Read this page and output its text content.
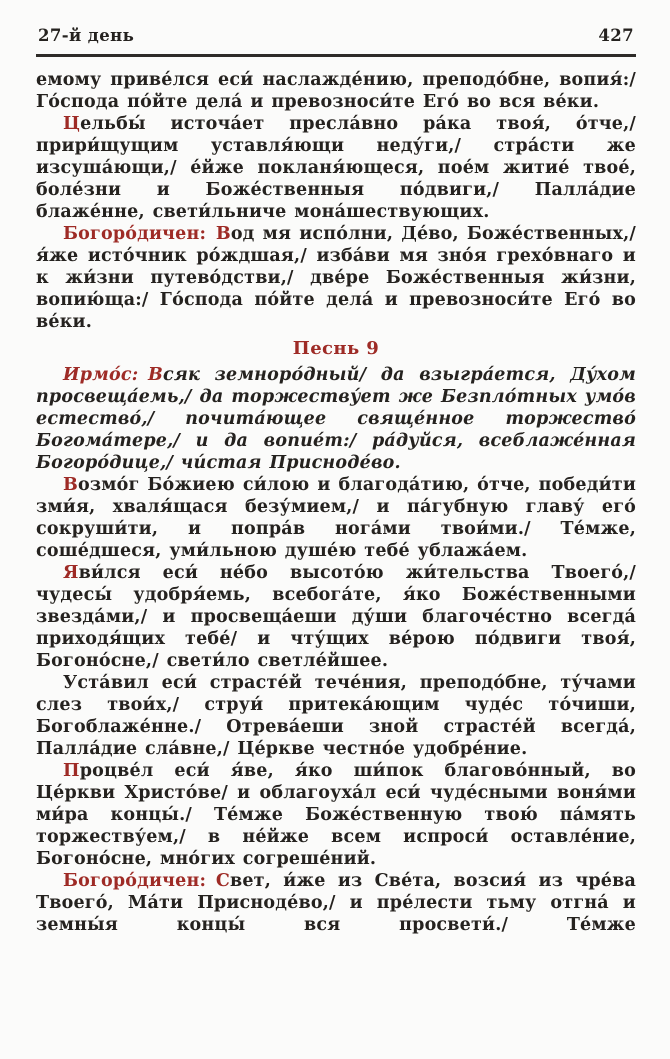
27-й день	427

емому приве́лся еси́ наслажде́нию, преподо́бне, вопия́:/ Го́спода по́йте дела́ и превозноси́те Его́ во вся ве́ки.

Цельбы́ источа́ет пресла́вно ра́ка твоя́, о́тче,/ прири́щущим уставля́ющи неду́ги,/ стра́сти же изсуша́ющи,/ е́йже покланя́ющеся, пое́м житие́ твое́, боле́зни и Боже́ственныя по́двиги,/ Палла́дие блаже́нне, свети́льниче мона́шествующих.

Богоро́дичен: Вод мя испо́лни, Де́во, Боже́ственных,/ я́же исто́чник ро́ждшая,/ изба́ви мя зно́я грехо́внаго и к жи́зни путево́дстви,/ две́ре Боже́ственныя жи́зни, вопию́ща:/ Го́спода по́йте дела́ и превозноси́те Его́ во ве́ки.

Песнь 9

Ирмо́с: Всяк земноро́дный/ да взыгра́ется, Ду́хом просвеща́емь,/ да торжеству́ет же Безпло́тных умо́в естество́,/ почита́ющее свяще́нное торжество́ Богома́тере,/ и да вопие́т:/ ра́дуйся, всеблаже́нная Богоро́дице,/ чи́стая Присноде́во.

Возмо́г Бо́жиею си́лою и благода́тию, о́тче, победи́ти зми́я, хваля́щася безу́мием,/ и па́губную главу́ его́ сокруши́ти, и попра́в нога́ми твои́ми./ Те́мже, соше́дшеся, уми́льною душе́ю тебе́ ублажа́ем.

Яви́лся еси́ не́бо высото́ю жи́тельства Твоего́,/ чудесы́ удобря́емь, всебога́те, я́ко Боже́ственными звезда́ми,/ и просвеща́еши ду́ши благоче́стно всегда́ приходя́щих тебе́/ и чту́щих ве́рою по́двиги твоя́, Богоно́сне,/ свети́ло светле́йшее.

Уста́вил еси́ страсте́й тече́ния, преподо́бне, ту́чами слез твои́х,/ струи́ притека́ющим чуде́с то́чиши, Богоблаже́нне./ Отрева́еши зной страсте́й всегда́, Палла́дие сла́вне,/ Це́ркве честно́е удобре́ние.

Процве́л еси́ я́ве, я́ко ши́пок благово́нный, во Це́ркви Христо́ве/ и облагоуха́л еси́ чуде́сными воня́ми ми́ра концы́./ Те́мже Боже́ственную твою́ па́мять торжеству́ем,/ в не́йже всем испроси́ оставле́ние, Богоно́сне, мно́гих согреше́ний.

Богоро́дичен: Свет, и́же из Све́та, возсия́ из чре́ва Твоего́, Ма́ти Присноде́во,/ и пре́лести тьму отгна́ и земны́я концы́ вся просвети́./ Те́мже
